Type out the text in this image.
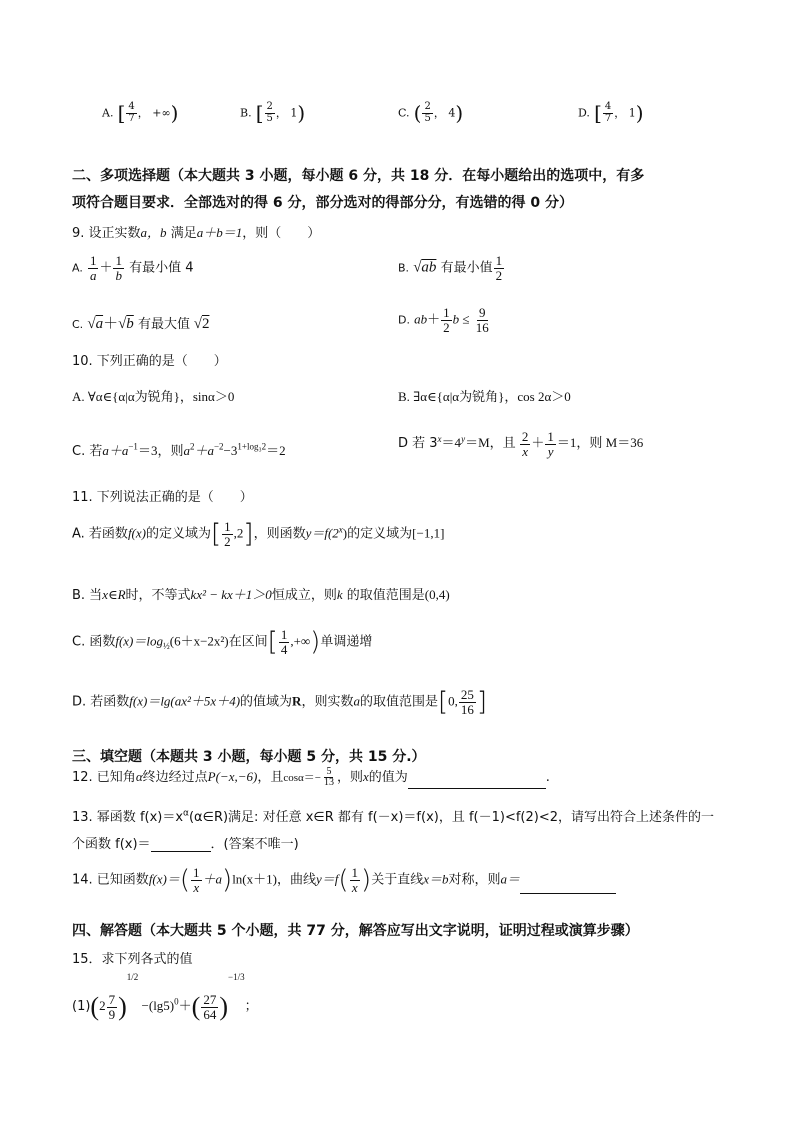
A. [ $\frac{4}{7}$ ， +∞)	B. [ $\frac{2}{5}$ ， 1)	C. ( $\frac{2}{5}$ ， 4)	D. [ $\frac{4}{7}$ ， 1)
二、多项选择题（本大题共 3 小题，每小题 6 分，共 18 分．在每小题给出的选项中，有多
项符合题目要求．全部选对的得 6 分，部分选对的得部分分，有选错的得 0 分）
9. 设正实数a，b 满足a＋b＝1，则（　　）
A. $\frac{1}{a} + \frac{1}{b}$ 有最小值 4	B. √ab 有最小值 $\frac{1}{2}$
C. √a＋√b 有最大值 √2	D. $ab+ \frac{1}{2}$ $b \le \frac{9}{16}$
10. 下列正确的是（　　）
A. ∀α∈{α|α为锐角}，sinα＞0	B. ∃α∈{α|α为锐角}，cos 2α＞0
C. 若$a+a^{-1}=3$，则$a^2+a^{-2}-3^{1+log_32}=2$	D 若 $3^x=4^y=M$，且 $\frac{2}{x} + \frac{1}{y} =1$，则 M＝36
11. 下列说法正确的是（　　）
A. 若函数f(x)的定义域为[ $\frac{1}{2} ,2$]，则函数$y=f(2^x)$的定义域为[−1,1]
B. 当x∈R时，不等式kx² − kx＋1＞0恒成立，则k 的取值范围是(0,4)
C. 函数$f(x)=\log_{\frac{1}{2}}(6+x-2x^2)$在区间[ $\frac{1}{4}$ ,+∞)单调递增
D. 若函数f(x)＝lg(ax²＋5x＋4)的值域为R，则实数a的取值范围是[0, $\frac{25}{16}$ ]
三、填空题（本题共 3 小题，每小题 5 分，共 15 分.）
12. 已知角α终边经过点P(−x,−6)，且$\cos\alpha=- \frac{5}{13}$ ，则x的值为	.
13. 幂函数 $f(x)=x^\alpha(\alpha\in R)$满足: 对任意 x∈R 都有 f(－x)＝f(x)，且 f(－1)<f(2)<2，请写出符合上述条件的一
个函数 f(x)＝	．(答案不唯一)
14. 已知函数$f(x)=( \frac{1}{x} +a)\ln(x+1)$，曲线$y=f( \frac{1}{x}$ )关于直线x＝b对称，则a＝
四、解答题（本大题共 5 个小题，共 77 分，解答应写出文字说明，证明过程或演算步骤）
15．求下列各式的值
$(1)(2 \frac{7}{9} )^{1/2} -(\lg 5)^0+( \frac{27}{64} )^{-1/3}$；
